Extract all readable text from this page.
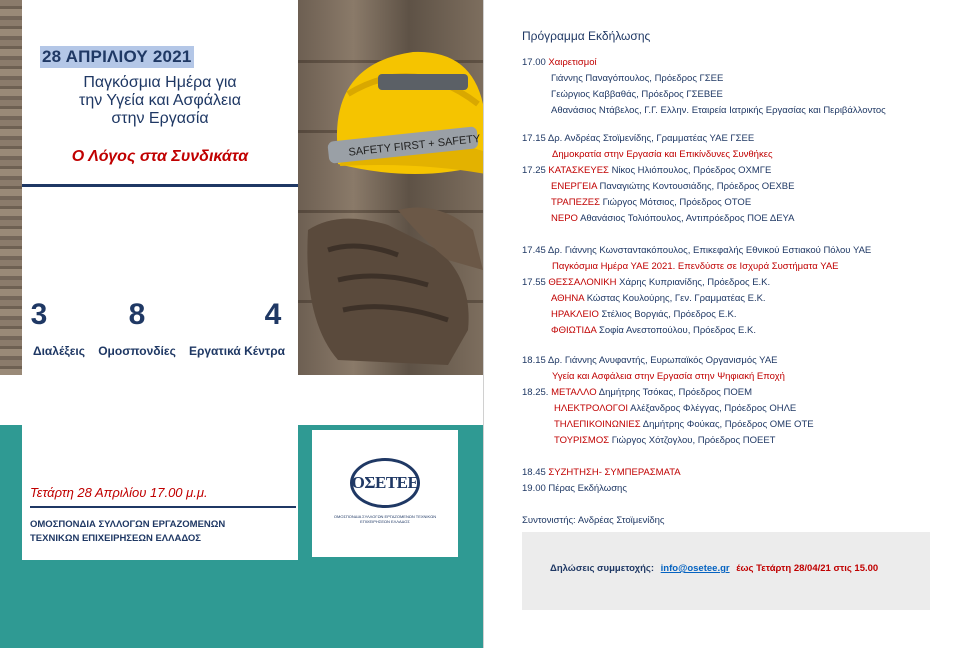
SAFETY FIRST + SAFETY
28 ΑΠΡΙΛΙΟΥ 2021
Παγκόσμια Ημέρα για
την Υγεία και Ασφάλεια
στην Εργασία
Ο Λόγος στα Συνδικάτα
3
Διαλέξεις
8
Ομοσπονδίες
4
Εργατικά Κέντρα
Τετάρτη 28 Απριλίου 17.00 μ.μ.
ΟΜΟΣΠΟΝΔΙΑ ΣΥΛΛΟΓΩΝ ΕΡΓΑΖΟΜΕΝΩΝ
ΤΕΧΝΙΚΩΝ ΕΠΙΧΕΙΡΗΣΕΩΝ ΕΛΛΑΔΟΣ
ΟΣΕΤΕΕ
ΟΜΟΣΠΟΝΔΙΑ ΣΥΛΛΟΓΩΝ ΕΡΓΑΖΟΜΕΝΩΝ ΤΕΧΝΙΚΩΝ ΕΠΙΧΕΙΡΗΣΕΩΝ ΕΛΛΑΔΟΣ
Πρόγραμμα Εκδήλωσης
17.00 Χαιρετισμοί
Γιάννης Παναγόπουλος, Πρόεδρος ΓΣΕΕ
Γεώργιος Καββαθάς, Πρόεδρος ΓΣΕΒΕΕ
Αθανάσιος Ντάβελος, Γ.Γ. Ελλην. Εταιρεία Ιατρικής Εργασίας και Περιβάλλοντος
17.15 Δρ. Ανδρέας Στοϊμενίδης, Γραμματέας ΥΑΕ ΓΣΕΕ
Δημοκρατία στην Εργασία και Επικίνδυνες Συνθήκες
17.25 ΚΑΤΑΣΚΕΥΕΣ Νίκος Ηλιόπουλος, Πρόεδρος ΟΧΜΓΕ
ΕΝΕΡΓΕΙΑ Παναγιώτης Κοντουσιάδης, Πρόεδρος ΟΕΧΒΕ
ΤΡΑΠΕΖΕΣ Γιώργος Μότσιος, Πρόεδρος ΟΤΟΕ
ΝΕΡΟ Αθανάσιος Τολιόπουλος, Αντιπρόεδρος ΠΟΕ ΔΕΥΑ
17.45 Δρ. Γιάννης Κωνσταντακόπουλος, Επικεφαλής Εθνικού Εστιακού Πόλου ΥΑΕ
Παγκόσμια Ημέρα ΥΑΕ 2021. Επενδύστε σε Ισχυρά Συστήματα ΥΑΕ
17.55 ΘΕΣΣΑΛΟΝΙΚΗ Χάρης Κυπριανίδης, Πρόεδρος Ε.Κ.
ΑΘΗΝΑ Κώστας Κουλούρης, Γεν. Γραμματέας Ε.Κ.
ΗΡΑΚΛΕΙΟ Στέλιος Βοργιάς, Πρόεδρος Ε.Κ.
ΦΘΙΩΤΙΔΑ Σοφία Ανεστοπούλου, Πρόεδρος Ε.Κ.
18.15 Δρ. Γιάννης Ανυφαντής, Ευρωπαϊκός Οργανισμός ΥΑΕ
Υγεία και Ασφάλεια στην Εργασία στην Ψηφιακή Εποχή
18.25. ΜΕΤΑΛΛΟ Δημήτρης Τσόκας, Πρόεδρος ΠΟΕΜ
ΗΛΕΚΤΡΟΛΟΓΟΙ Αλέξανδρος Φλέγγας, Πρόεδρος ΟΗΛΕ
ΤΗΛΕΠΙΚΟΙΝΩΝΙΕΣ Δημήτρης Φούκας, Πρόεδρος ΟΜΕ ΟΤΕ
ΤΟΥΡΙΣΜΟΣ Γιώργος Χότζογλου, Πρόεδρος ΠΟΕΕΤ
18.45 ΣΥΖΗΤΗΣΗ- ΣΥΜΠΕΡΑΣΜΑΤΑ
19.00 Πέρας Εκδήλωσης
Συντονιστής: Ανδρέας Στοϊμενίδης
Δηλώσεις συμμετοχής: info@osetee.gr έως Τετάρτη 28/04/21 στις 15.00
